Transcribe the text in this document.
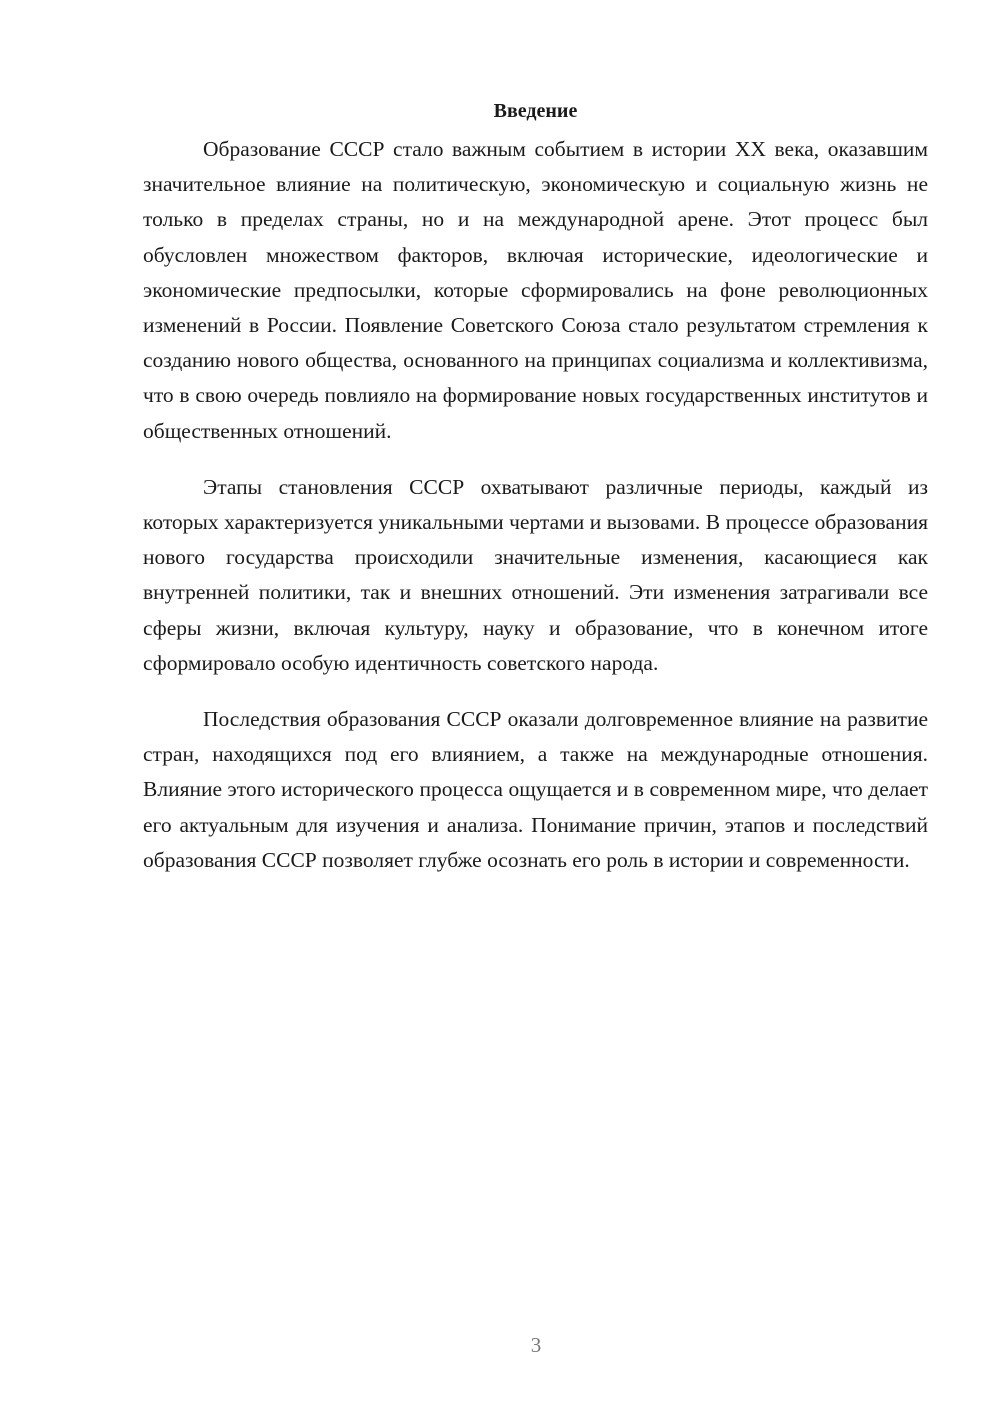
Введение

Образование СССР стало важным событием в истории XX века, оказавшим значительное влияние на политическую, экономическую и социальную жизнь не только в пределах страны, но и на международной арене. Этот процесс был обусловлен множеством факторов, включая исторические, идеологические и экономические предпосылки, которые сформировались на фоне революционных изменений в России. Появление Советского Союза стало результатом стремления к созданию нового общества, основанного на принципах социализма и коллективизма, что в свою очередь повлияло на формирование новых государственных институтов и общественных отношений.

Этапы становления СССР охватывают различные периоды, каждый из которых характеризуется уникальными чертами и вызовами. В процессе образования нового государства происходили значительные изменения, касающиеся как внутренней политики, так и внешних отношений. Эти изменения затрагивали все сферы жизни, включая культуру, науку и образование, что в конечном итоге сформировало особую идентичность советского народа.

Последствия образования СССР оказали долговременное влияние на развитие стран, находящихся под его влиянием, а также на международные отношения. Влияние этого исторического процесса ощущается и в современном мире, что делает его актуальным для изучения и анализа. Понимание причин, этапов и последствий образования СССР позволяет глубже осознать его роль в истории и современности.

3
